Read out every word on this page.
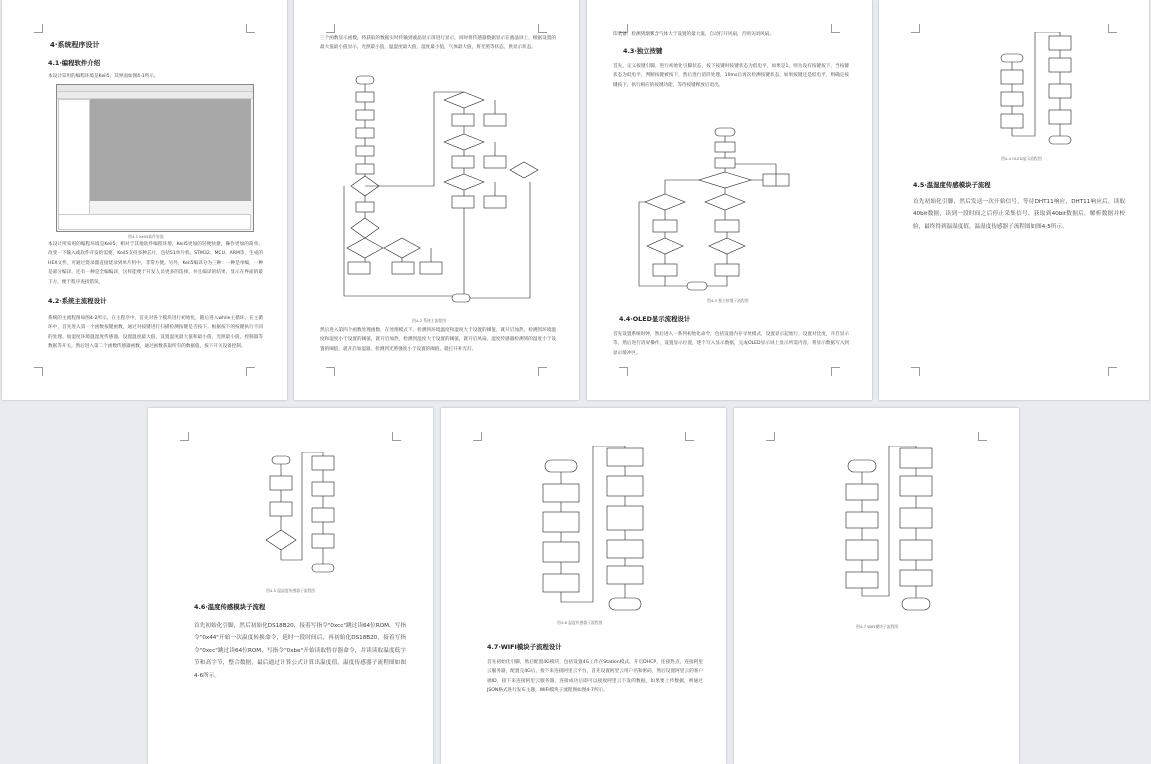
4·系统程序设计
4.1·编程软件介绍
本设计采用的编程环境是Keil5，其界面如图4-1所示。
图4-1 Keil5软件界面
本设计所采用的编程环境是Keil5，相对于其他软件编程环境，Keil5更加的轻便快捷，操作更加的简单。改变一下输入或软件开发的需要，Keil5支持多种芯片，包括51单片机、STM32、MCU、ARM等，生成的HEX文件，可通过烧录器直接烧录到单片机中，非常方便。另外，Keil5编译分为三种：一种是单编，一种是部分编译，还有一种是全编编译，这样能便于开发人员更多的选择，并且编译的结果，显示在界面的最下方，便于程序查找错误。
4.2·系统主流程设计
系统的主流程图如图4-2所示。在主程序中，首先对各个模块进行初始化，随后进入while主循环。在主循环中，首先进入第一个函数按键函数，通过对按键进行扫描检测按键是否按下。根据按下的按键执行不同的处理。加湿度环境温湿度传感器，设置温度最大值，设置湿度最大值和最小值，光照最小值，控制器等数据等开关。然后进入第二个函数传感器函数，通过函数获取所有的数据值，按下开关设备控制。
三个函数显示函数，将获取的数据实时传输到液晶显示屏进行显示，同时将传感器数据显示在液晶屏上，根据设置的最大值最小值显示，光照最小值，温湿度最大值，湿度最小值，气体最大值，将光照等状态，供显示状态。
图4-2 系统主流程图
然后进入第四个函数处理函数，在处理模式下，检测到环境温度和湿度大于设置的阈值，就开启加热，检测到环境温度和湿度小于设置的阈值，就开启加热，检测到湿度大于设置的阈值，就开启风扇。湿度传感器检测到的湿度小于设置的阈值，就开启加湿器，检测到光照强度小于设置的阈值，就打开补光灯。
印装备，检测到烟雾含气体大于设置的最大值，自动打开风扇，否则关闭风扇。
4.3·独立按键
首先，定义按键引脚，进行初始化引脚状态，按下按键时按键状态为低电平，如果是1，则为没有按键按下，当按键状态为低电平，判断按键被按下，然后进行消抖处理，10ms后再次检测按键状态，如果按键还是低电平，则确定按键按下，执行相应的按键功能，等待按键释放后退出。
图4-3 独立按键子流程图
4.4·OLED显示流程设计
首先设置系统时钟，然后进入一系列初始化命令，包括设置内存寻址模式，设置显示起始行，设置对比度，开启显示等，然后进行清屏操作，设置显示位置，逐个写入显示数据，完成OLED显示屏上显示所需内容，将显示数据写入到显示缓冲区。
图4-4 OLED显示流程图
4.5·温湿度传感模块子流程
首先初始化引脚，然后发送一次开始信号，等待DHT11响应，DHT11响应后，读取40bit数据，读到一段时间之后停止采集信号，获取到40bit数据后，解析数据并校验，最终得到温湿度值，温湿度传感器子流程图如图4-5所示。
图4-5 温湿度传感器子流程图
4.6·温度传感模块子流程
首先初始化引脚，然后初始化DS18B20，接着写指令"0xcc"跳过读64位ROM，写指令"0x44"开始一次温度转换命令，延时一段时间后，再初始化DS18B20，接着写指令"0xcc"跳过读64位ROM，写指令"0xbe"开始读取暂存器命令，并读读取温度低字节和高字节，整合数据，最后通过计算公式计算出温度值，温度传感器子流程图如图4-6所示。
图4-6 温度传感器子流程图
4.7·WIFI模块子流程设计
首先初始化引脚，然后配置4G模块，包括设置4G工作在Station模式，开启DHCP，连接热点，连接阿里云服务器，配置完4G后，接下来连接阿里云平台，首先设置阿里云用户名和密码，然后设置阿里云的客户端ID，接下来连接阿里云服务器，连接成功后即可以接收阿里云下发的数据，如果要上传数据，则通过JSON格式进行发布主题，WIFI模块子流程图如图4-7所示。
图4-7 WIFI模块子流程图
